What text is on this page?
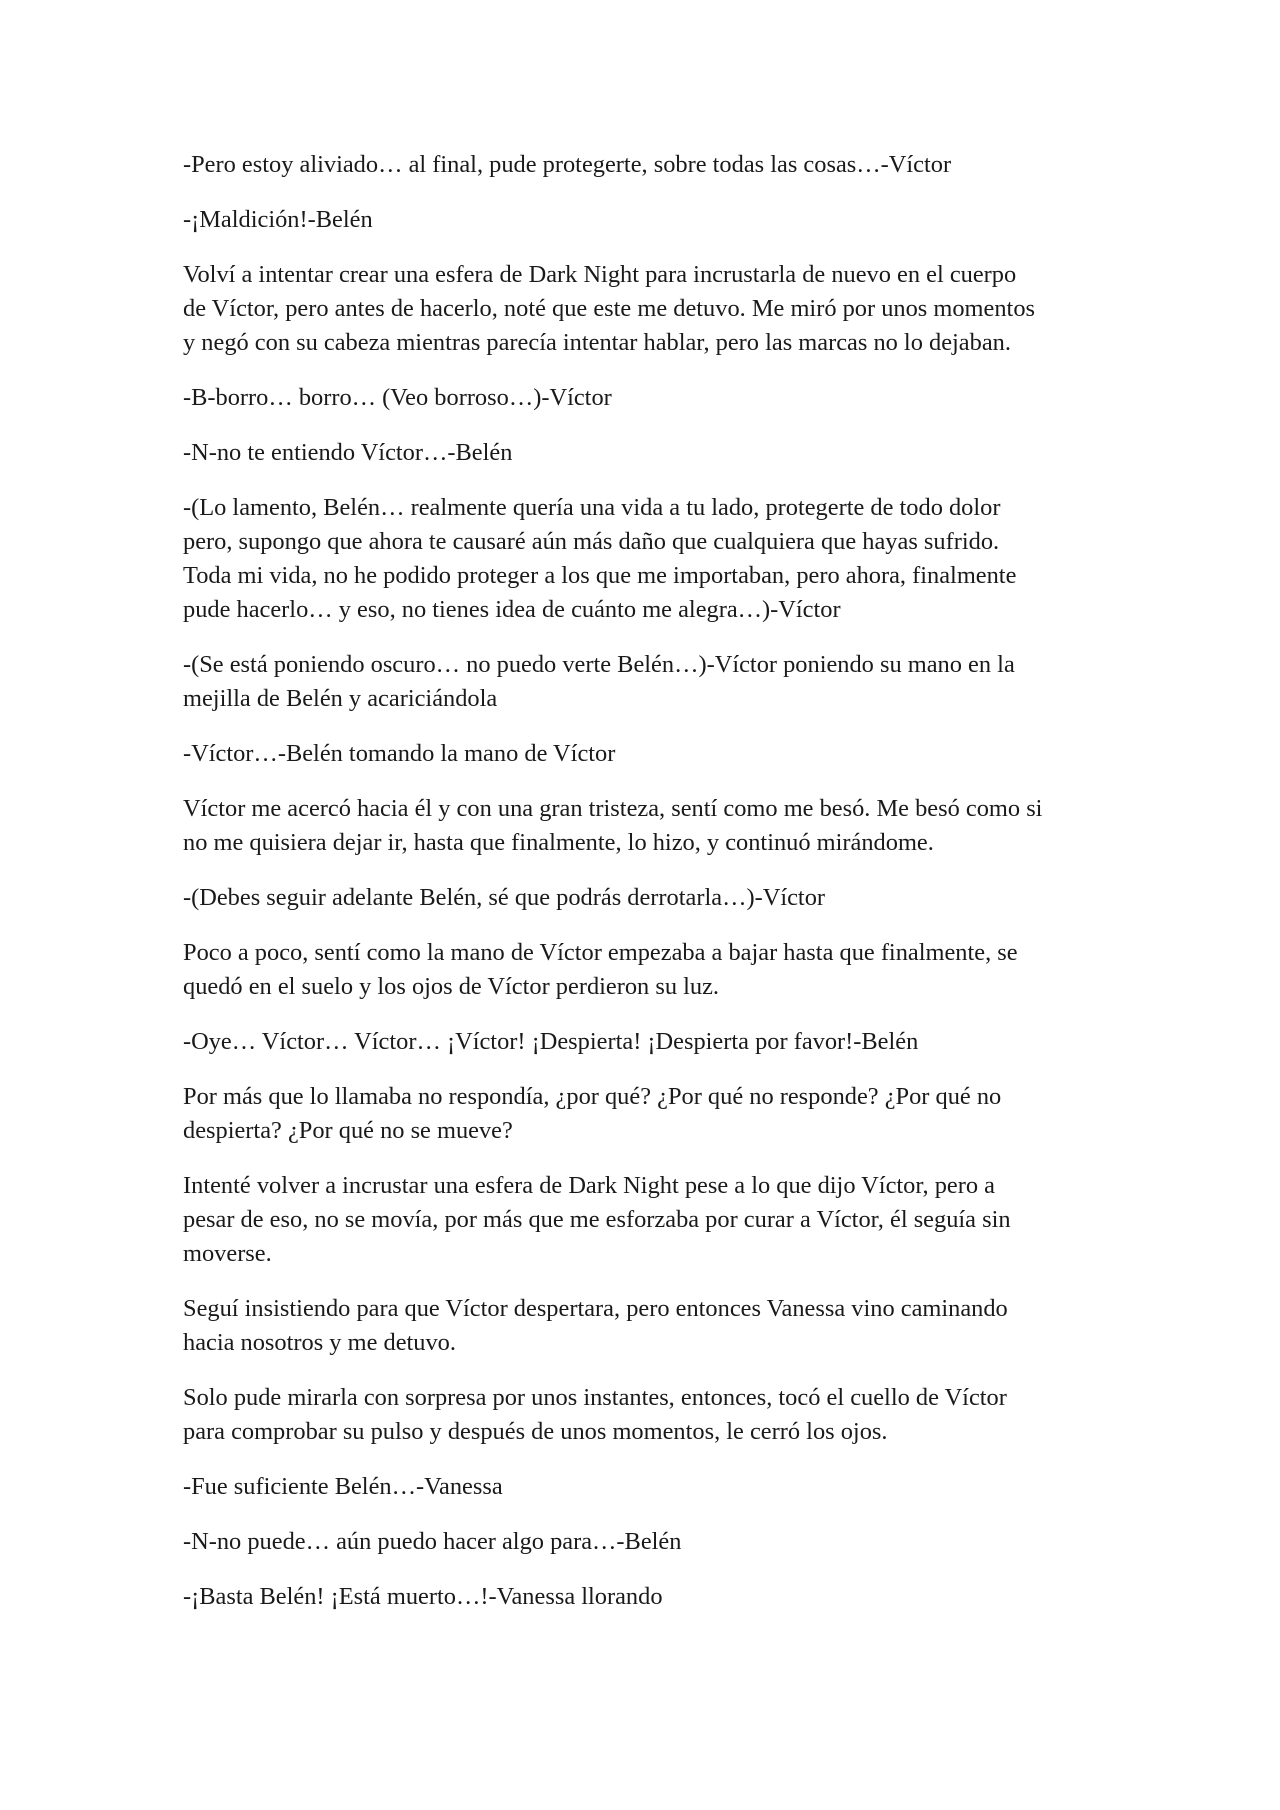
-Pero estoy aliviado… al final, pude protegerte, sobre todas las cosas…-Víctor

-¡Maldición!-Belén

Volví a intentar crear una esfera de Dark Night para incrustarla de nuevo en el cuerpo
de Víctor, pero antes de hacerlo, noté que este me detuvo. Me miró por unos momentos
y negó con su cabeza mientras parecía intentar hablar, pero las marcas no lo dejaban.

-B-borro… borro… (Veo borroso…)-Víctor

-N-no te entiendo Víctor…-Belén

-(Lo lamento, Belén… realmente quería una vida a tu lado, protegerte de todo dolor
pero, supongo que ahora te causaré aún más daño que cualquiera que hayas sufrido.
Toda mi vida, no he podido proteger a los que me importaban, pero ahora, finalmente
pude hacerlo… y eso, no tienes idea de cuánto me alegra…)-Víctor

-(Se está poniendo oscuro… no puedo verte Belén…)-Víctor poniendo su mano en la
mejilla de Belén y acariciándola

-Víctor…-Belén tomando la mano de Víctor

Víctor me acercó hacia él y con una gran tristeza, sentí como me besó. Me besó como si
no me quisiera dejar ir, hasta que finalmente, lo hizo, y continuó mirándome.

-(Debes seguir adelante Belén, sé que podrás derrotarla…)-Víctor

Poco a poco, sentí como la mano de Víctor empezaba a bajar hasta que finalmente, se
quedó en el suelo y los ojos de Víctor perdieron su luz.

-Oye… Víctor… Víctor… ¡Víctor! ¡Despierta! ¡Despierta por favor!-Belén

Por más que lo llamaba no respondía, ¿por qué? ¿Por qué no responde? ¿Por qué no
despierta? ¿Por qué no se mueve?

Intenté volver a incrustar una esfera de Dark Night pese a lo que dijo Víctor, pero a
pesar de eso, no se movía, por más que me esforzaba por curar a Víctor, él seguía sin
moverse.

Seguí insistiendo para que Víctor despertara, pero entonces Vanessa vino caminando
hacia nosotros y me detuvo.

Solo pude mirarla con sorpresa por unos instantes, entonces, tocó el cuello de Víctor
para comprobar su pulso y después de unos momentos, le cerró los ojos.

-Fue suficiente Belén…-Vanessa

-N-no puede… aún puedo hacer algo para…-Belén

-¡Basta Belén! ¡Está muerto…!-Vanessa llorando
